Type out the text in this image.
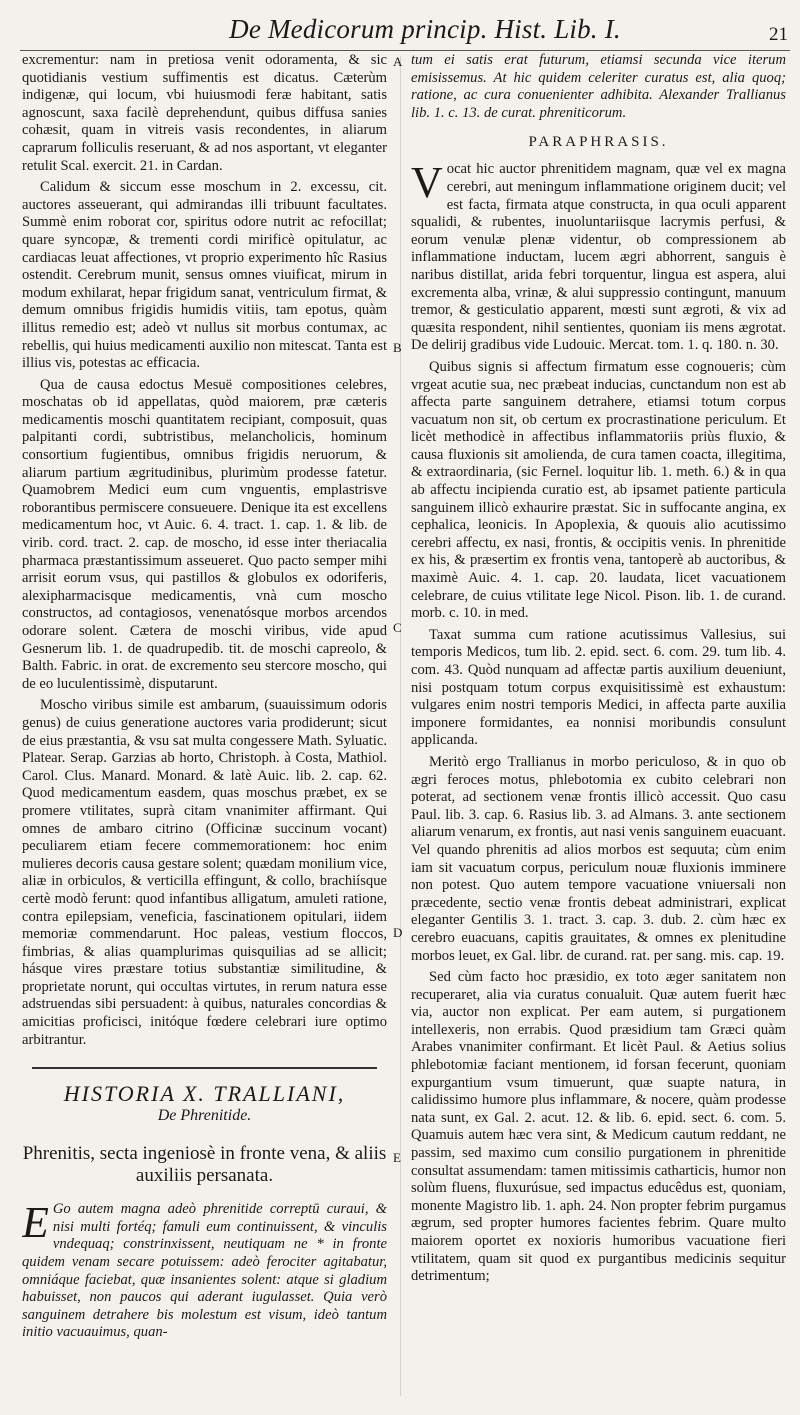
De Medicorum princip. Hist. Lib. I.	21
A
B
C
D
E

excrementur: nam in pretiosa venit odoramenta, & sic quotidianis vestium suffimentis est dicatus. Cæterùm indigenæ, qui locum, vbi huiusmodi feræ habitant, satis agnoscunt, saxa facilè deprehendunt, quibus diffusa sanies cohæsit, quam in vitreis vasis recondentes, in aliarum caprarum folliculis reseruant, & ad nos asportant, vt eleganter retulit Scal. exercit. 21. in Cardan.

Calidum & siccum esse moschum in 2. excessu, cit. auctores asseuerant, qui admirandas illi tribuunt facultates. Summè enim roborat cor, spiritus odore nutrit ac refocillat; quare syncopæ, & trementi cordi mirificè opitulatur, ac cardiacas leuat affectiones, vt proprio experimento hîc Rasius ostendit. Cerebrum munit, sensus omnes viuificat, mirum in modum exhilarat, hepar frigidum sanat, ventriculum firmat, & demum omnibus frigidis humidis vitiis, tam epotus, quàm illitus remedio est; adeò vt nullus sit morbus contumax, ac rebellis, qui huius medicamenti auxilio non mitescat. Tanta est illius vis, potestas ac efficacia.

Qua de causa edoctus Mesuë compositiones celebres, moschatas ob id appellatas, quòd maiorem, præ cæteris medicamentis moschi quantitatem recipiant, composuit, quas palpitanti cordi, subtristibus, melancholicis, hominum consortium fugientibus, omnibus frigidis neruorum, & aliarum partium ægritudinibus, plurimùm prodesse fatetur. Quamobrem Medici eum cum vnguentis, emplastrisve roborantibus permiscere consueuere. Denique ita est excellens medicamentum hoc, vt Auic. 6. 4. tract. 1. cap. 1. & lib. de virib. cord. tract. 2. cap. de moscho, id esse inter theriacalia pharmaca præstantissimum asseueret. Quo pacto semper mihi arrisit eorum vsus, qui pastillos & globulos ex odoriferis, alexipharmacisque medicamentis, vnà cum moscho constructos, ad contagiosos, venenatósque morbos arcendos odorare solent. Cætera de moschi viribus, vide apud Gesnerum lib. 1. de quadrupedib. tit. de moschi capreolo, & Balth. Fabric. in orat. de excremento seu stercore moscho, qui de eo luculentissimè, disputarunt.

Moscho viribus simile est ambarum, (suauissimum odoris genus) de cuius generatione auctores varia prodiderunt; sicut de eius præstantia, & vsu sat multa congessere Math. Syluatic. Platear. Serap. Garzias ab horto, Christoph. à Costa, Mathiol. Carol. Clus. Manard. Monard. & latè Auic. lib. 2. cap. 62. Quod medicamentum easdem, quas moschus præbet, ex se promere vtilitates, suprà citam vnanimiter affirmant. Qui omnes de ambaro citrino (Officinæ succinum vocant) peculiarem etiam fecere commemorationem: hoc enim mulieres decoris causa gestare solent; quædam monilium vice, aliæ in orbiculos, & verticilla effingunt, & collo, brachiísque certè modò ferunt: quod infantibus alligatum, amuleti ratione, contra epilepsiam, veneficia, fascinationem opitulari, iidem memoriæ commendarunt. Hoc paleas, vestium floccos, fimbrias, & alias quamplurimas quisquilias ad se allicit; hásque vires præstare totius substantiæ similitudine, & proprietate norunt, qui occultas virtutes, in rerum natura esse adstruendas sibi persuadent: à quibus, naturales concordias & amicitias proficisci, initóque fœdere celebrari iure optimo arbitrantur.

HISTORIA X. TRALLIANI,
De Phrenitide.

Phrenitis, secta ingeniosè in fronte vena, & aliis auxiliis persanata.

E Go autem magna adeò phrenitide correptū curaui, & nisi multi fortéq; famuli eum continuissent, & vinculis vndequaq; constrinxissent, neutiquam ne * in fronte quidem venam secare potuissem: adeò ferociter agitabatur, omniáque faciebat, quæ insanientes solent: atque si gladium habuisset, non paucos qui aderant iugulasset. Quia verò sanguinem detrahere bis molestum est visum, ideò tantum initio vacuauimus, quan-

tum ei satis erat futurum, etiamsi secunda vice iterum emisissemus. At hic quidem celeriter curatus est, alia quoq; ratione, ac cura conuenienter adhibita. Alexander Trallianus lib. 1. c. 13. de curat. phreniticorum.

PARAPHRASIS.

Vocat hic auctor phrenitidem magnam, quæ vel ex magna cerebri, aut meningum inflammatione originem ducit; vel est facta, firmata atque constructa, in qua oculi apparent squalidi, & rubentes, inuoluntariisque lacrymis perfusi, & eorum venulæ plenæ videntur, ob compressionem ab inflammatione inductam, lucem ægri abhorrent, sanguis è naribus distillat, arida febri torquentur, lingua est aspera, alui excrementa alba, vrinæ, & alui suppressio contingunt, manuum tremor, & gesticulatio apparent, mœsti sunt ægroti, & vix ad quæsita respondent, nihil sentientes, quoniam iis mens ægrotat. De delirij gradibus vide Ludouic. Mercat. tom. 1. q. 180. n. 30.

Quibus signis si affectum firmatum esse cognoueris; cùm vrgeat acutie sua, nec præbeat inducias, cunctandum non est ab affecta parte sanguinem detrahere, etiamsi totum corpus vacuatum non sit, ob certum ex procrastinatione periculum. Et licèt methodicè in affectibus inflammatoriis priùs fluxio, & causa fluxionis sit amolienda, de cura tamen coacta, illegitima, & extraordinaria, (sic Fernel. loquitur lib. 1. meth. 6.) & in qua ab affectu incipienda curatio est, ab ipsamet patiente particula sanguinem illicò exhaurire præstat. Sic in suffocante angina, ex cephalica, leonicis. In Apoplexia, & quouis alio acutissimo cerebri affectu, ex nasi, frontis, & occipitis venis. In phrenitide ex his, & præsertim ex frontis vena, tantoperè ab auctoribus, & maximè Auic. 4. 1. cap. 20. laudata, licet vacuationem celebrare, de cuius vtilitate lege Nicol. Pison. lib. 1. de curand. morb. c. 10. in med.

Taxat summa cum ratione acutissimus Vallesius, sui temporis Medicos, tum lib. 2. epid. sect. 6. com. 29. tum lib. 4. com. 43. Quòd nunquam ad affectæ partis auxilium deueniunt, nisi postquam totum corpus exquisitissimè est exhaustum: vulgares enim nostri temporis Medici, in affecta parte auxilia imponere formidantes, ea nonnisi moribundis consulunt applicanda.

Meritò ergo Trallianus in morbo periculoso, & in quo ob ægri feroces motus, phlebotomia ex cubito celebrari non poterat, ad sectionem venæ frontis illicò accessit. Quo casu Paul. lib. 3. cap. 6. Rasius lib. 3. ad Almans. 3. ante sectionem aliarum venarum, ex frontis, aut nasi venis sanguinem euacuant. Vel quando phrenitis ad alios morbos est sequuta; cùm enim iam sit vacuatum corpus, periculum nouæ fluxionis imminere non potest. Quo autem tempore vacuatione vniuersali non præcedente, sectio venæ frontis debeat administrari, explicat eleganter Gentilis 3. 1. tract. 3. cap. 3. dub. 2. cùm hæc ex cerebro euacuans, capitis grauitates, & omnes ex plenitudine morbos leuet, ex Gal. libr. de curand. rat. per sang. mis. cap. 19.

Sed cùm facto hoc præsidio, ex toto æger sanitatem non recuperaret, alia via curatus conualuit. Quæ autem fuerit hæc via, auctor non explicat. Per eam autem, si purgationem intellexeris, non errabis. Quod præsidium tam Græci quàm Arabes vnanimiter confirmant. Et licèt Paul. & Aetius solius phlebotomiæ faciant mentionem, id forsan fecerunt, quoniam expurgantium vsum timuerunt, quæ suapte natura, in calidissimo humore plus inflammare, & nocere, quàm prodesse nata sunt, ex Gal. 2. acut. 12. & lib. 6. epid. sect. 6. com. 5. Quamuis autem hæc vera sint, & Medicum cautum reddant, ne passim, sed maximo cum consilio purgationem in phrenitide consultat assumendam: tamen mitissimis catharticis, humor non solùm fluens, fluxurúsue, sed impactus educêdus est, quoniam, monente Magistro lib. 1. aph. 24. Non propter febrim purgamus ægrum, sed propter humores facientes febrim. Quare multo maiorem oportet ex noxioris humoribus vacuatione fieri vtilitatem, quam sit quod ex purgantibus medicinis sequitur detrimentum;
